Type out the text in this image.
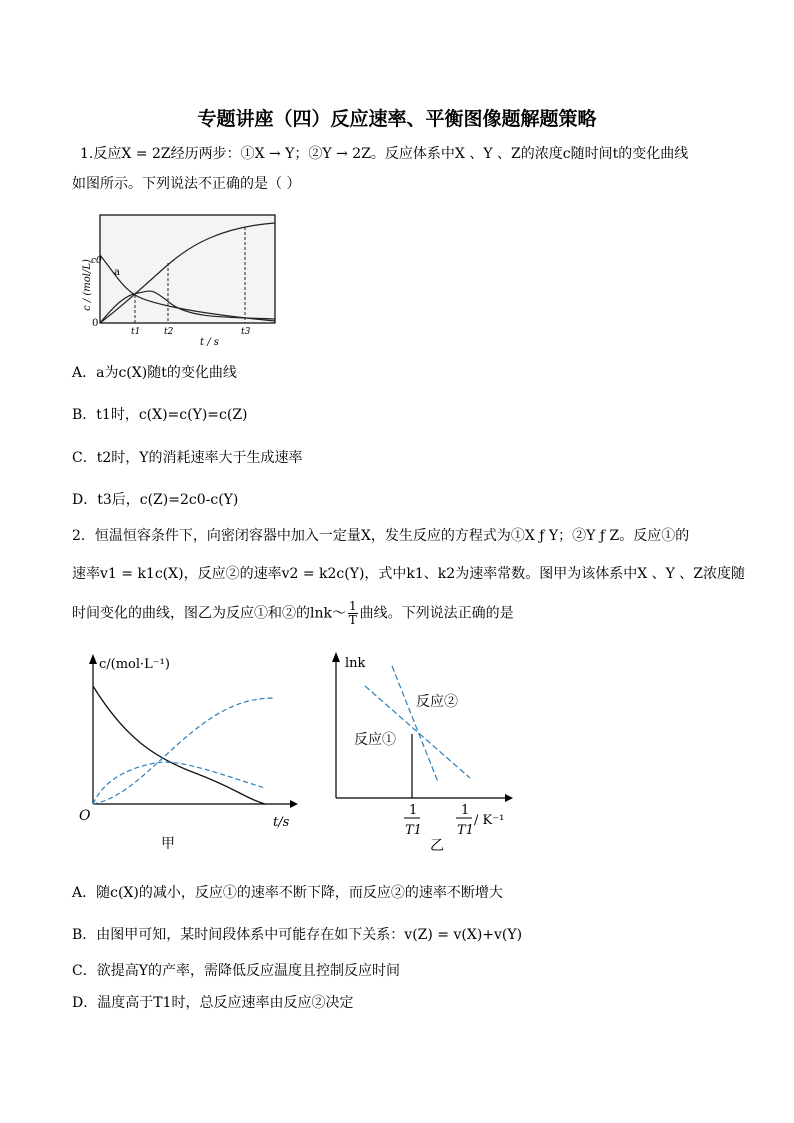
专题讲座（四）反应速率、平衡图像题解题策略
1.反应X = 2Z经历两步：①X → Y；②Y → 2Z。反应体系中X 、Y 、Z的浓度c随时间t的变化曲线
如图所示。下列说法不正确的是（ ）
c / (mol/L)
c0
a
0
t1	t2	t3
t / s
A．a为c(X)随t的变化曲线
B．t1时，c(X)=c(Y)=c(Z)
C．t2时，Y的消耗速率大于生成速率
D．t3后，c(Z)=2c0-c(Y)
2．恒温恒容条件下，向密闭容器中加入一定量X，发生反应的方程式为①X ƒ Y；②Y ƒ Z。反应①的
速率v1 = k1c(X)，反应②的速率v2 = k2c(Y)，式中k1、k2为速率常数。图甲为该体系中X 、Y 、Z浓度随
时间变化的曲线，图乙为反应①和②的lnk～ $\frac{1}{T}$ 曲线。下列说法正确的是
c/(mol·L⁻¹)
O	t/s
甲
lnk
反应②
反应①
1
T1
1
T1
/ K⁻¹
乙
A．随c(X)的减小，反应①的速率不断下降，而反应②的速率不断增大
B．由图甲可知，某时间段体系中可能存在如下关系：v(Z) = v(X)+v(Y)
C．欲提高Y的产率，需降低反应温度且控制反应时间
D．温度高于T1时，总反应速率由反应②决定
